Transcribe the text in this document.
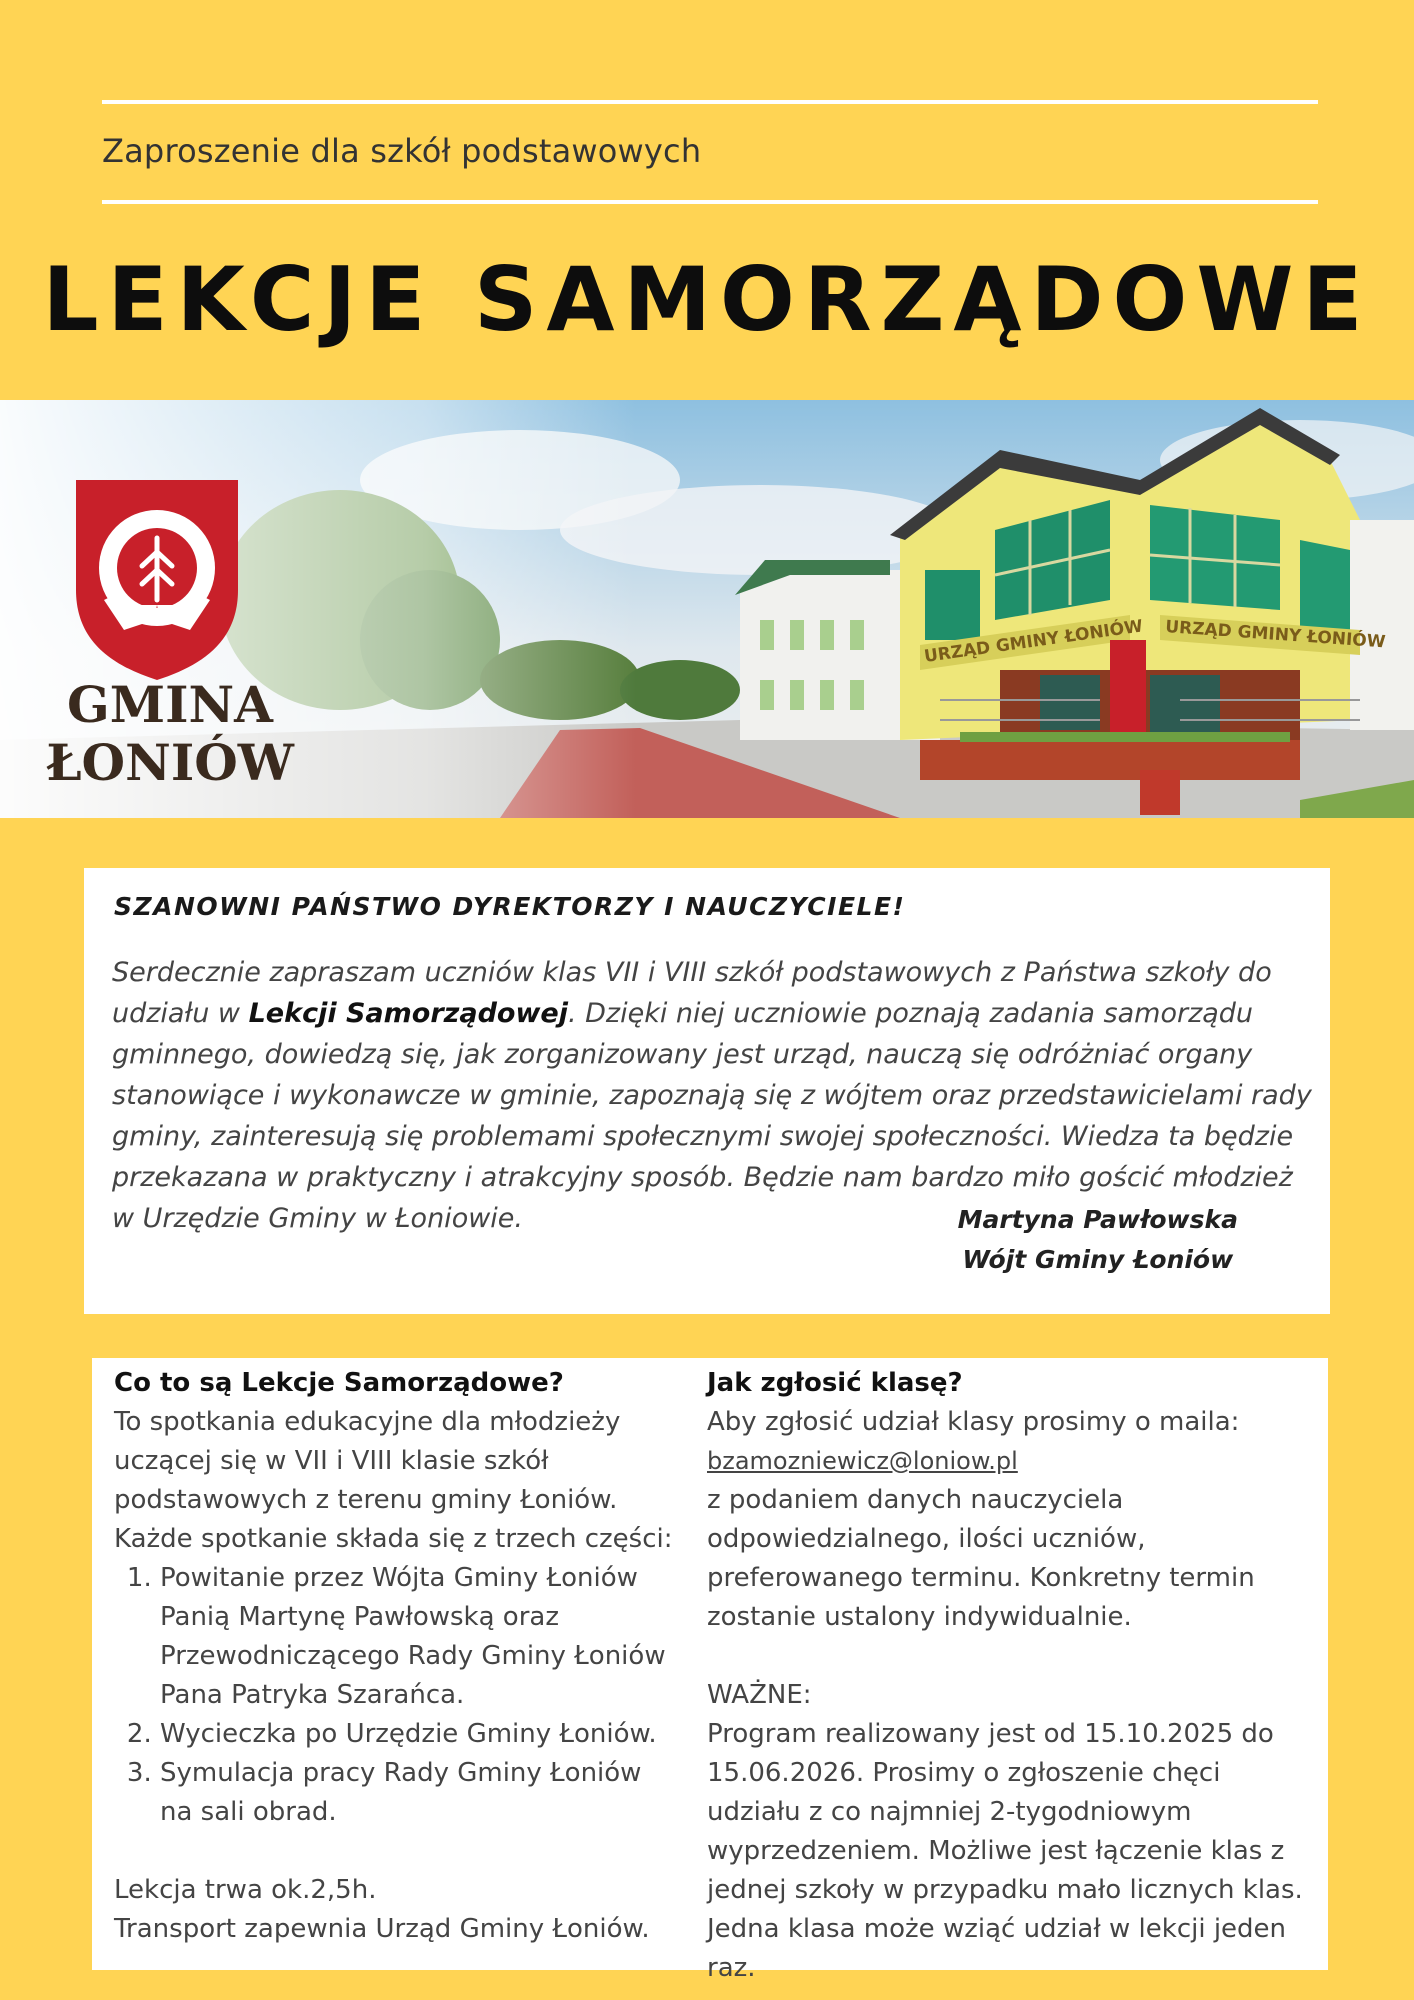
Zaproszenie dla szkół podstawowych
LEKCJE SAMORZĄDOWE
GMINA
ŁONIÓW
SZANOWNI PAŃSTWO DYREKTORZY I NAUCZYCIELE!
Serdecznie zapraszam uczniów klas VII i VIII szkół podstawowych z Państwa szkoły do udziału w Lekcji Samorządowej. Dzięki niej uczniowie poznają zadania samorządu gminnego, dowiedzą się, jak zorganizowany jest urząd, nauczą się odróżniać organy stanowiące i wykonawcze w gminie, zapoznają się z wójtem oraz przedstawicielami rady gminy, zainteresują się problemami społecznymi swojej społeczności. Wiedza ta będzie przekazana w praktyczny i atrakcyjny sposób. Będzie nam bardzo miło gościć młodzież w Urzędzie Gminy w Łoniowie.	Martyna Pawłowska
Wójt Gminy Łoniów
Co to są Lekcje Samorządowe?

To spotkania edukacyjne dla młodzieży uczącej się w VII i VIII klasie szkół podstawowych z terenu gminy Łoniów.

Każde spotkanie składa się z trzech części:

1. Powitanie przez Wójta Gminy Łoniów Panią Martynę Pawłowską oraz Przewodniczącego Rady Gminy Łoniów Pana Patryka Szarańca.
2. Wycieczka po Urzędzie Gminy Łoniów.
3. Symulacja pracy Rady Gminy Łoniów na sali obrad.

Lekcja trwa ok.2,5h.

Transport zapewnia Urząd Gminy Łoniów.

Jak zgłosić klasę?

Aby zgłosić udział klasy prosimy o maila:

bzamozniewicz@loniow.pl

z podaniem danych nauczyciela odpowiedzialnego, ilości uczniów, preferowanego terminu. Konkretny termin zostanie ustalony indywidualnie.

WAŻNE:

Program realizowany jest od 15.10.2025 do 15.06.2026. Prosimy o zgłoszenie chęci udziału z co najmniej 2-tygodniowym wyprzedzeniem. Możliwe jest łączenie klas z jednej szkoły w przypadku mało licznych klas. Jedna klasa może wziąć udział w lekcji jeden raz.
